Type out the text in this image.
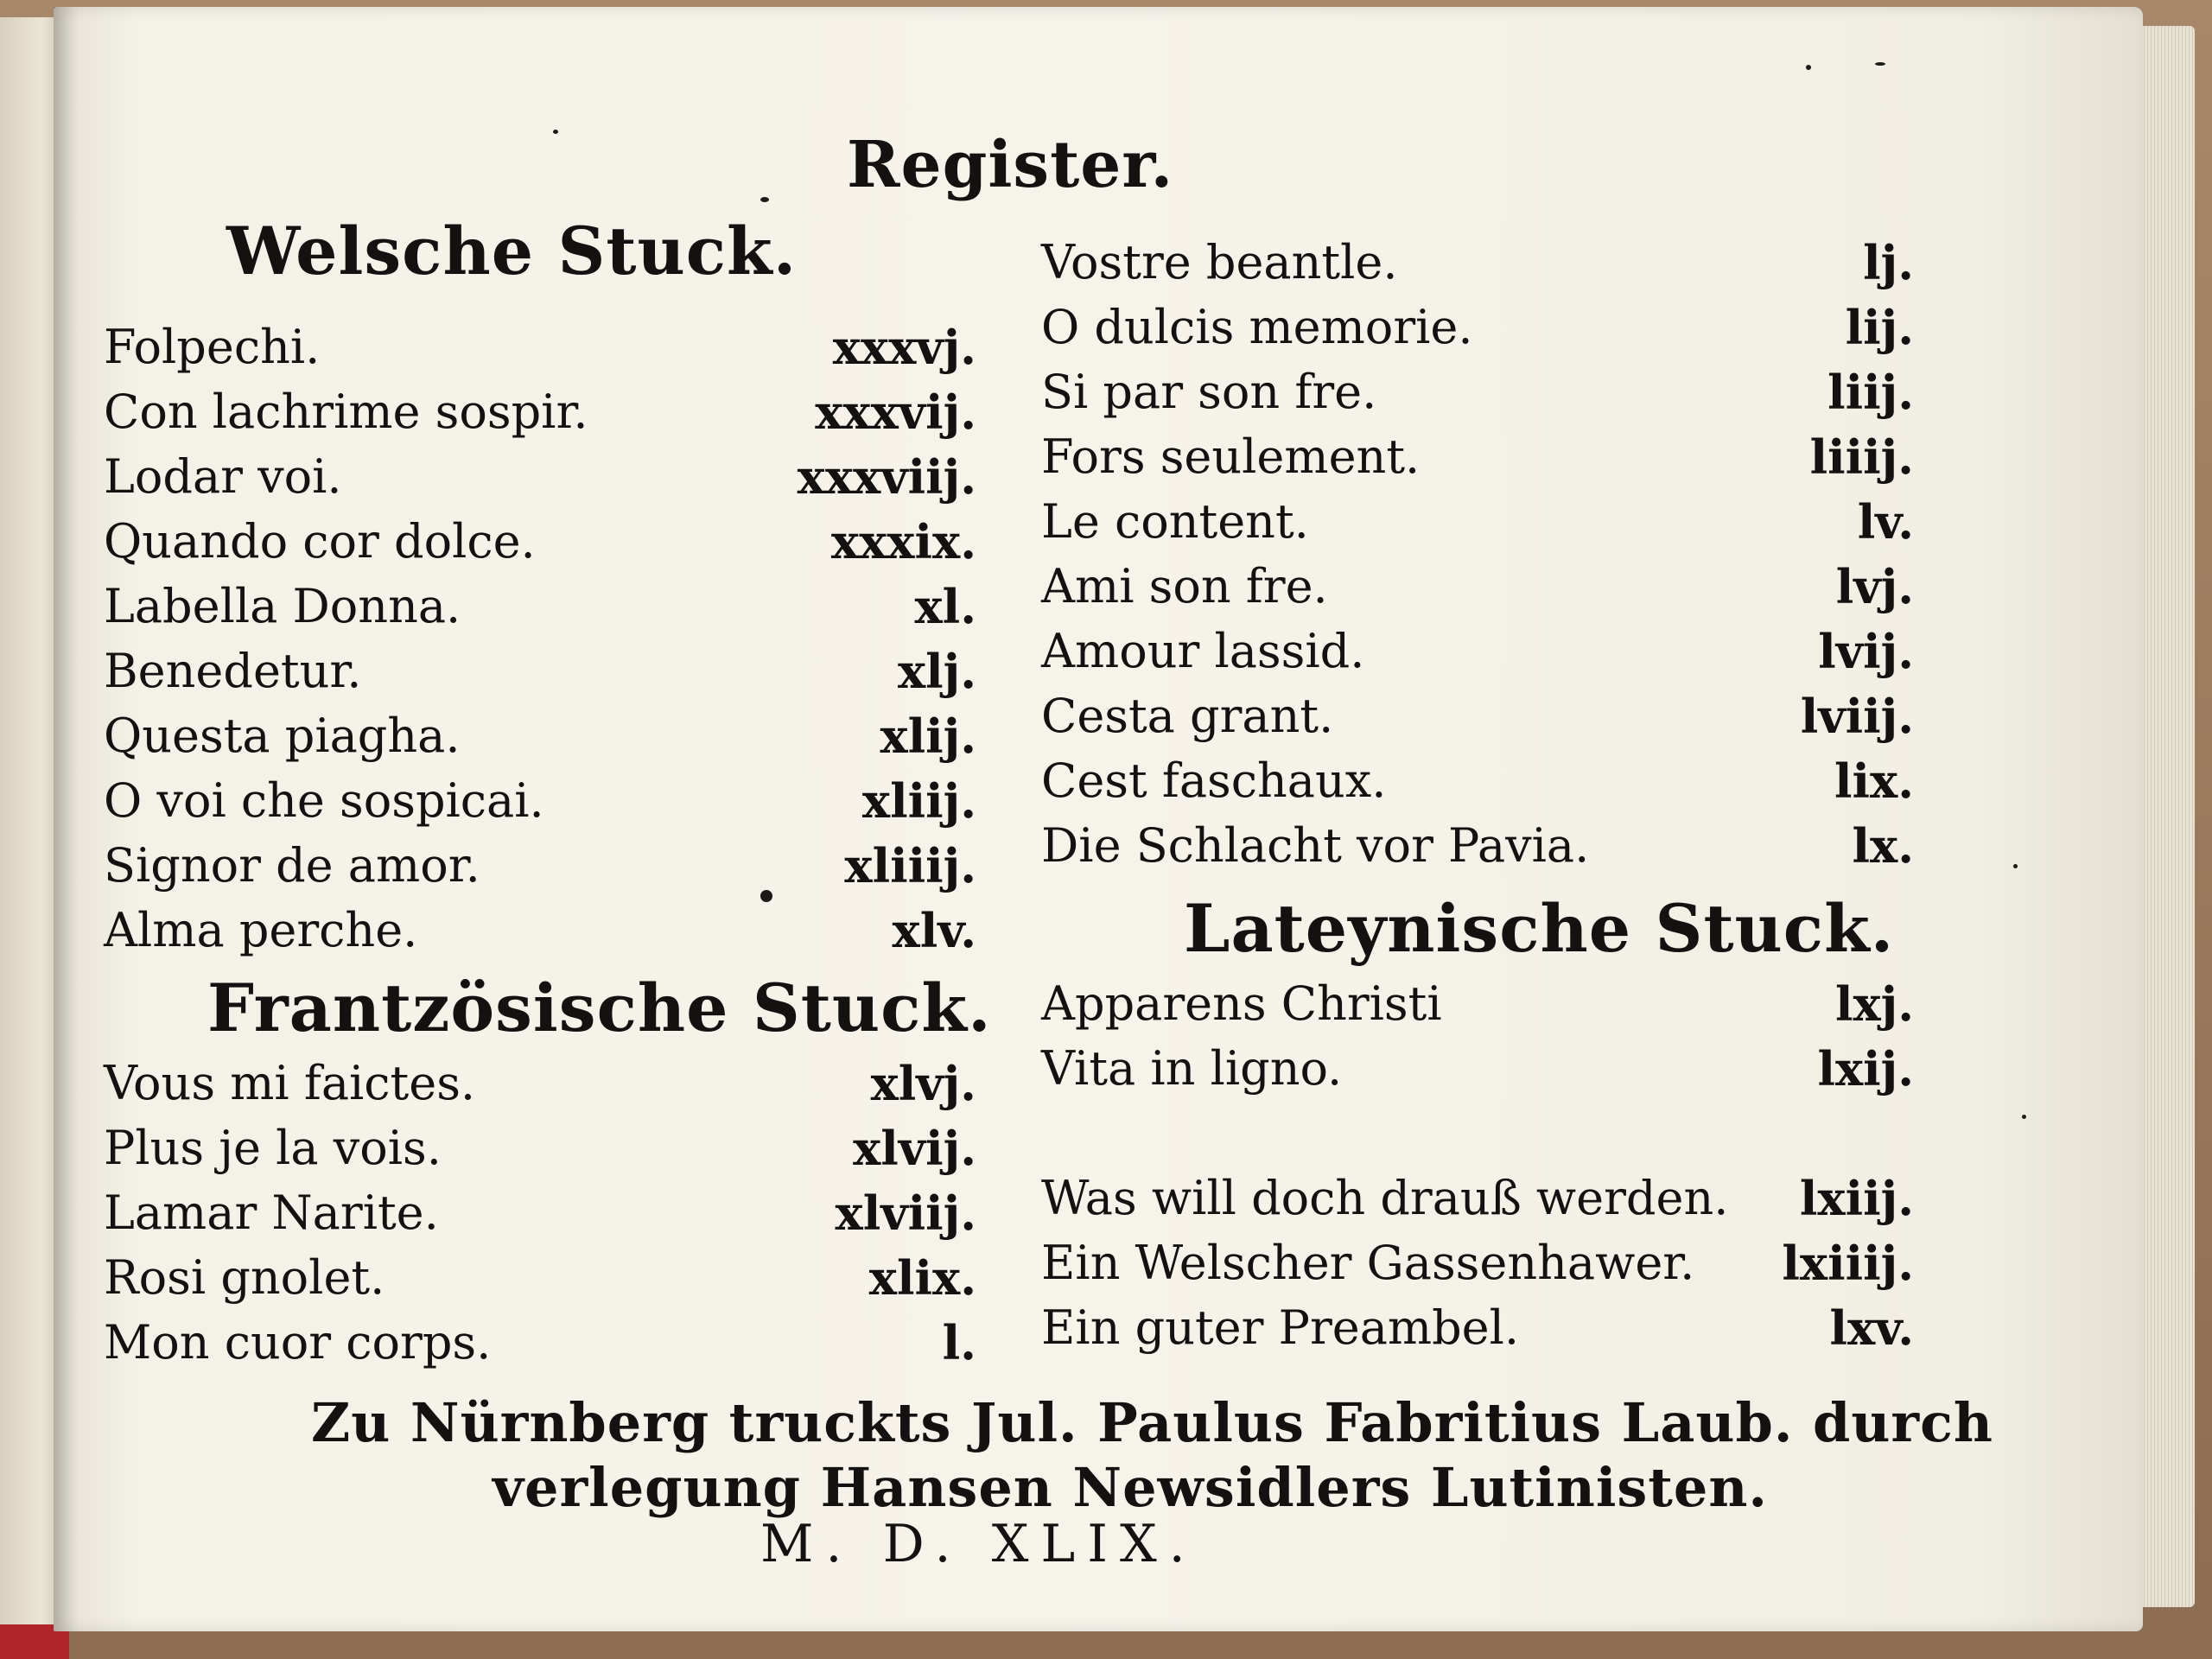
Register.
Welsche Stuck.
Folpechi.	xxxvj.
Con lachrime sospir.	xxxvij.
Lodar voi.	xxxviij.
Quando cor dolce.	xxxix.
Labella Donna.	xl.
Benedetur.	xlj.
Questa piagha.	xlij.
O voi che sospicai.	xliij.
Signor de amor.	xliiij.
Alma perche.	xlv.
Frantzösische Stuck.
Vous mi faictes.	xlvj.
Plus je la vois.	xlvij.
Lamar Narite.	xlviij.
Rosi gnolet.	xlix.
Mon cuor corps.	l.
Vostre beantle.	lj.
O dulcis memorie.	lij.
Si par son fre.	liij.
Fors seulement.	liiij.
Le content.	lv.
Ami son fre.	lvj.
Amour lassid.	lvij.
Cesta grant.	lviij.
Cest faschaux.	lix.
Die Schlacht vor Pavia.	lx.
Lateynische Stuck.
Apparens Christi	lxj.
Vita in ligno.	lxij.
Was will doch drauß werden. lxiij.
Ein Welscher Gassenhawer. lxiiij.
Ein guter Preambel.	lxv.
Zu Nürnberg truckts Jul. Paulus Fabritius Laub. durch
verlegung Hansen Newsidlers Lutinisten.
M. D. XLIX.
